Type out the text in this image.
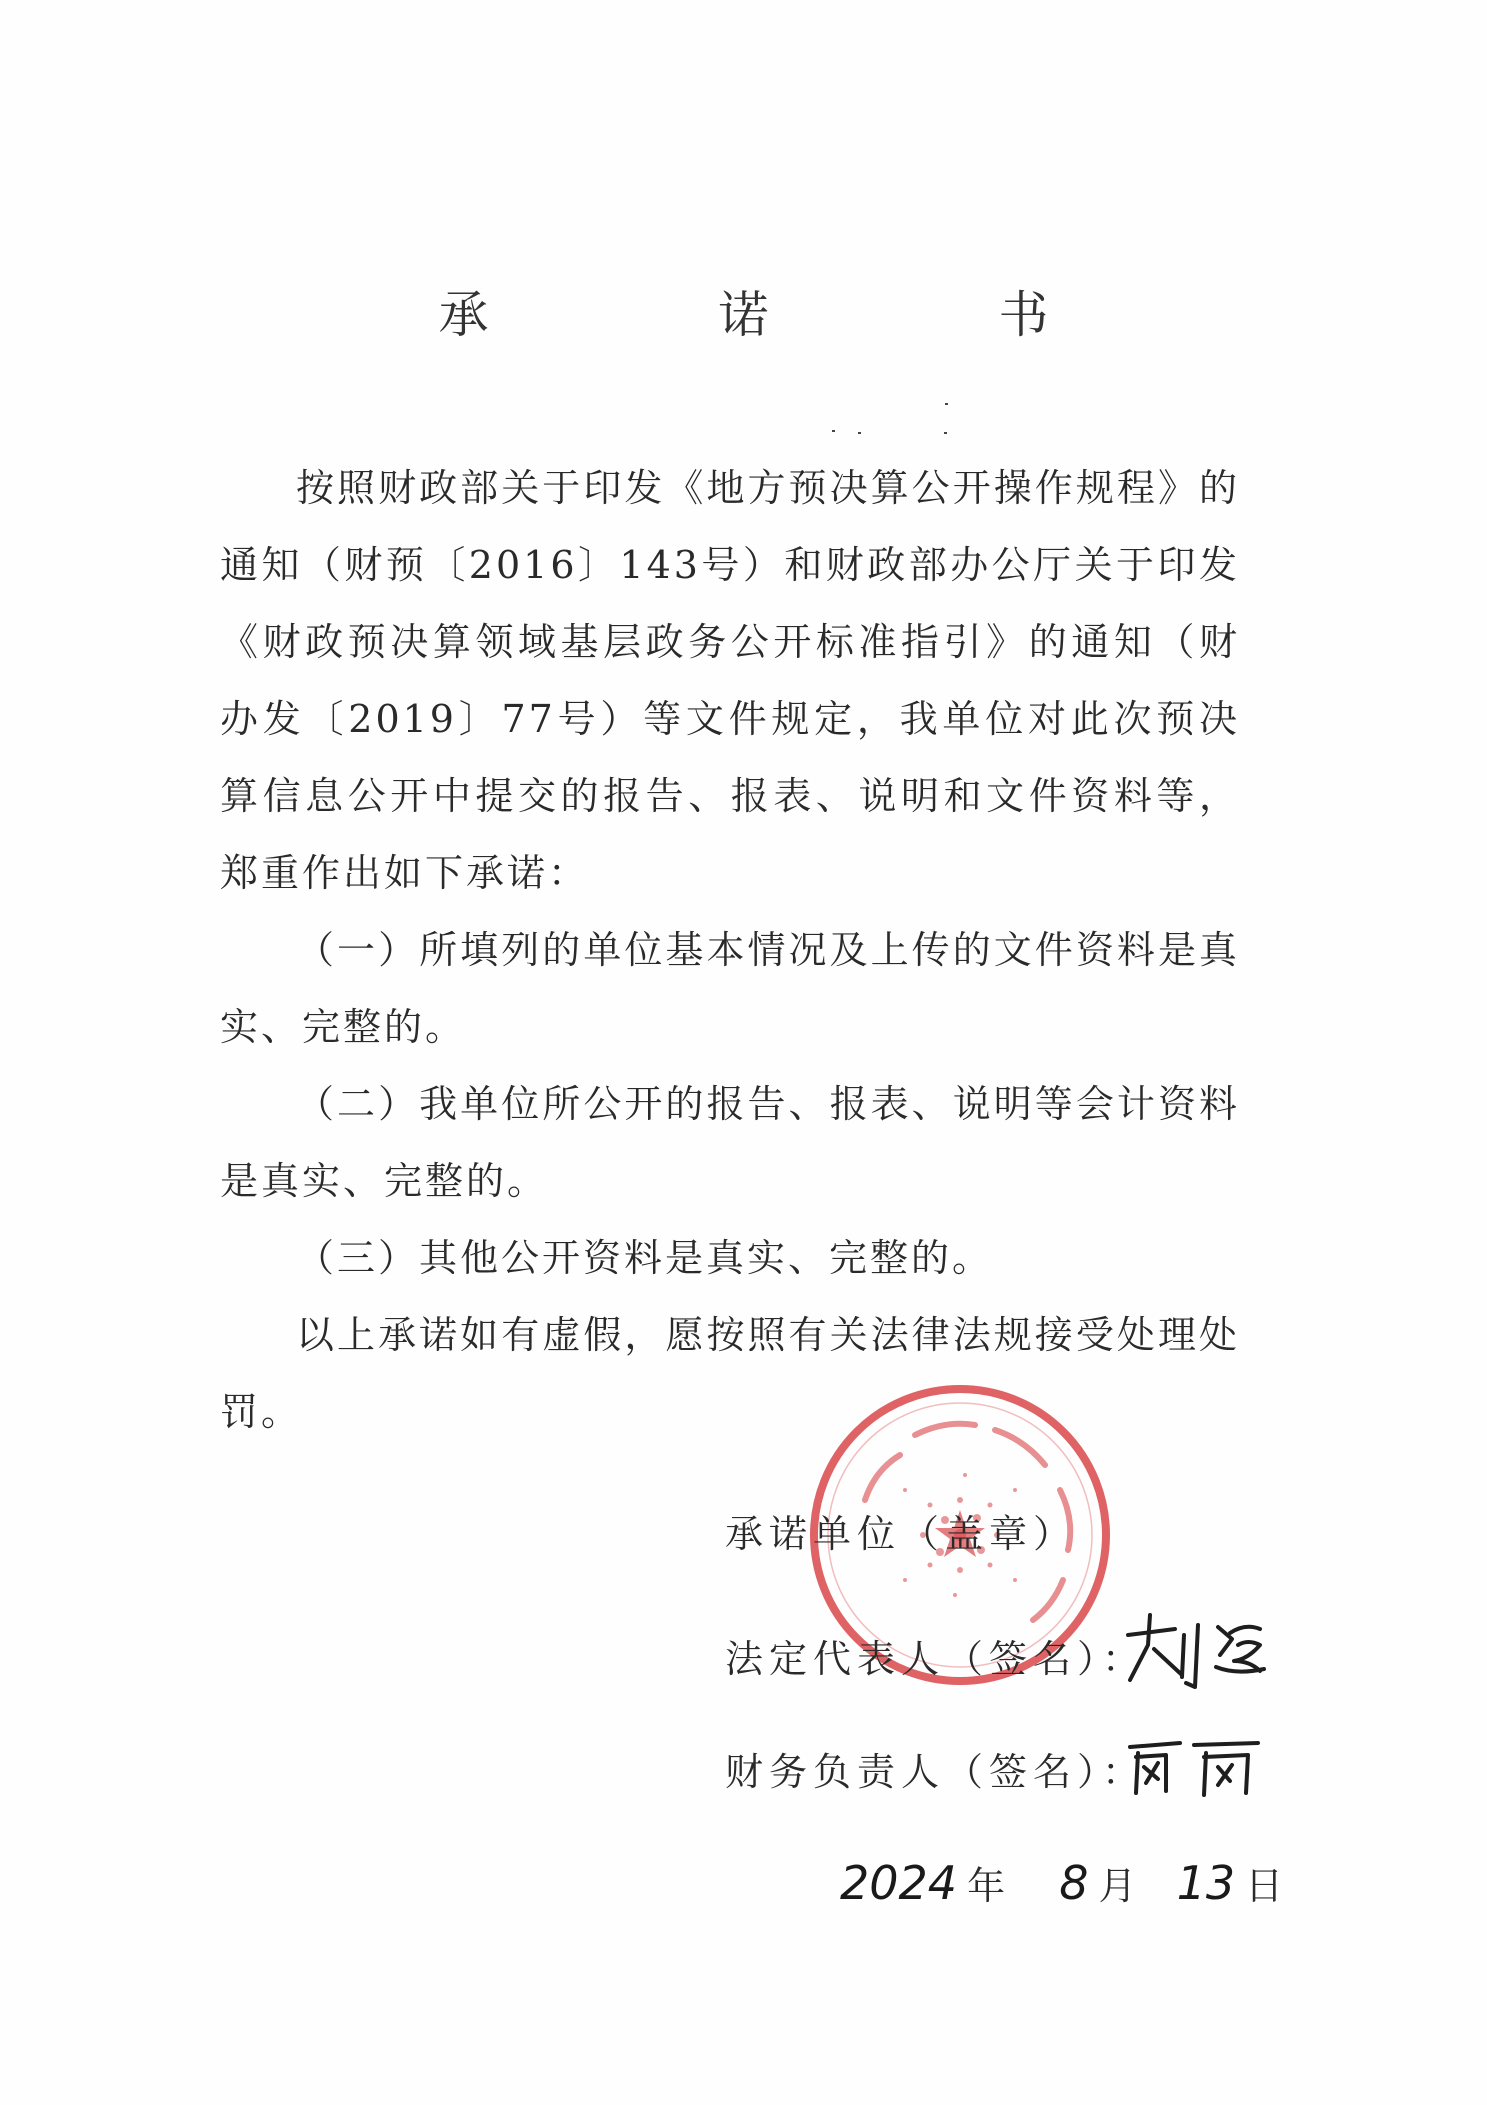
承　诺　书

按照财政部关于印发《地方预决算公开操作规程》的通知（财预〔2016〕143号）和财政部办公厅关于印发《财政预决算领域基层政务公开标准指引》的通知（财办发〔2019〕77号）等文件规定，我单位对此次预决算信息公开中提交的报告、报表、说明和文件资料等，郑重作出如下承诺：

（一）所填列的单位基本情况及上传的文件资料是真实、完整的。

（二）我单位所公开的报告、报表、说明等会计资料是真实、完整的。

（三）其他公开资料是真实、完整的。

以上承诺如有虚假，愿按照有关法律法规接受处理处罚。

承诺单位（盖章）
法定代表人（签名）：
财务负责人（签名）：
2024 年 8 月 13 日
